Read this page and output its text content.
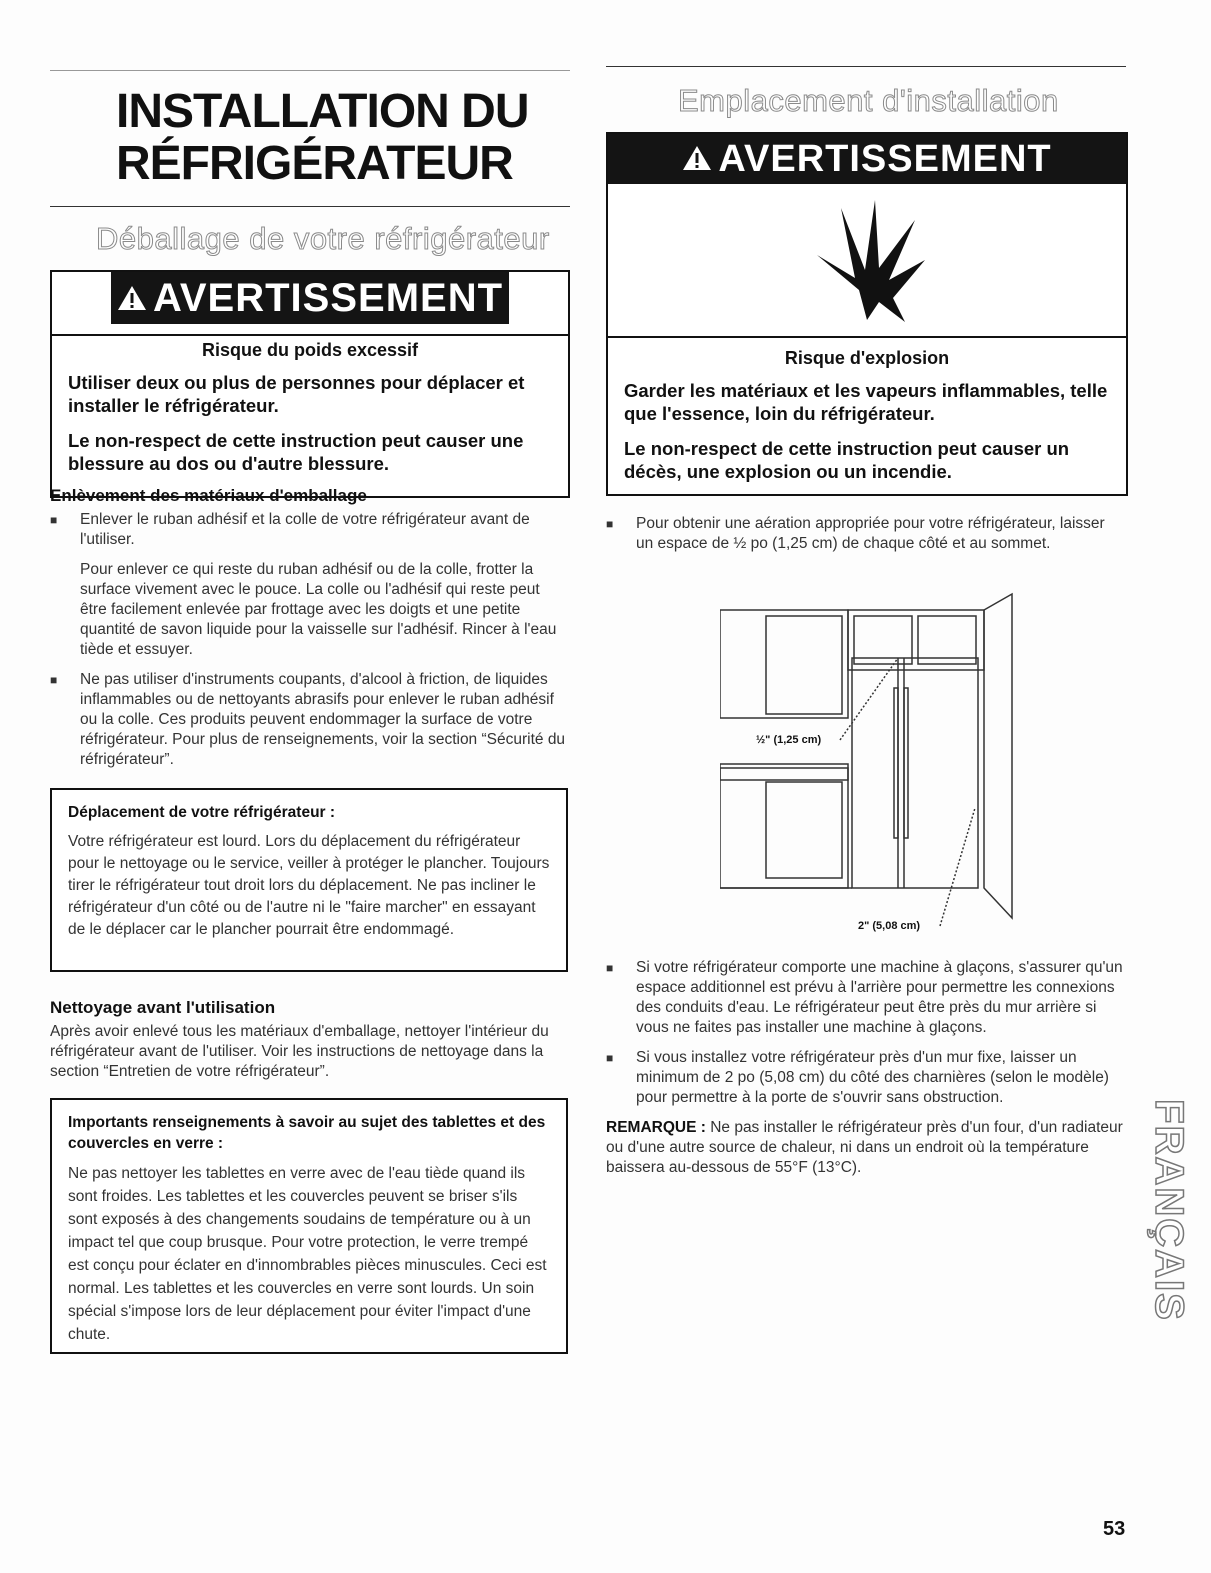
INSTALLATION DU
RÉFRIGÉRATEUR
Déballage de votre réfrigérateur
AVERTISSEMENT
Risque du poids excessif

Utiliser deux ou plus de personnes pour déplacer et installer le réfrigérateur.

Le non-respect de cette instruction peut causer une blessure au dos ou d'autre blessure.

Enlèvement des matériaux d'emballage
■	Enlever le ruban adhésif et la colle de votre réfrigérateur avant de l'utiliser.
Pour enlever ce qui reste du ruban adhésif ou de la colle, frotter la surface vivement avec le pouce. La colle ou l'adhésif qui reste peut être facilement enlevée par frottage avec les doigts et une petite quantité de savon liquide pour la vaisselle sur l'adhésif. Rincer à l'eau tiède et essuyer.
■	Ne pas utiliser d'instruments coupants, d'alcool à friction, de liquides inflammables ou de nettoyants abrasifs pour enlever le ruban adhésif ou la colle. Ces produits peuvent endommager la surface de votre réfrigérateur. Pour plus de renseignements, voir la section “Sécurité du réfrigérateur”.
Déplacement de votre réfrigérateur :
Votre réfrigérateur est lourd. Lors du déplacement du réfrigérateur pour le nettoyage ou le service, veiller à protéger le plancher. Toujours tirer le réfrigérateur tout droit lors du déplacement. Ne pas incliner le réfrigérateur d'un côté ou de l'autre ni le "faire marcher" en essayant de le déplacer car le plancher pourrait être endommagé.
Nettoyage avant l'utilisation
Après avoir enlevé tous les matériaux d'emballage, nettoyer l'intérieur du réfrigérateur avant de l'utiliser. Voir les instructions de nettoyage dans la section “Entretien de votre réfrigérateur”.
Importants renseignements à savoir au sujet des tablettes et des couvercles en verre :
Ne pas nettoyer les tablettes en verre avec de l'eau tiède quand ils sont froides. Les tablettes et les couvercles peuvent se briser s'ils sont exposés à des changements soudains de température ou à un impact tel que coup brusque. Pour votre protection, le verre trempé est conçu pour éclater en d'innombrables pièces minuscules. Ceci est normal. Les tablettes et les couvercles en verre sont lourds. Un soin spécial s'impose lors de leur déplacement pour éviter l'impact d'une chute.
Emplacement d'installation
AVERTISSEMENT
Risque d'explosion

Garder les matériaux et les vapeurs inflammables, telle que l'essence, loin du réfrigérateur.

Le non-respect de cette instruction peut causer un décès, une explosion ou un incendie.

■	Pour obtenir une aération appropriée pour votre réfrigérateur, laisser un espace de ½ po (1,25 cm) de chaque côté et au sommet.
½" (1,25 cm)
2" (5,08 cm)
■	Si votre réfrigérateur comporte une machine à glaçons, s'assurer qu'un espace additionnel est prévu à l'arrière pour permettre les connexions des conduits d'eau. Le réfrigérateur peut être près du mur arrière si vous ne faites pas installer une machine à glaçons.
■	Si vous installez votre réfrigérateur près d'un mur fixe, laisser un minimum de 2 po (5,08 cm) du côté des charnières (selon le modèle) pour permettre à la porte de s'ouvrir sans obstruction.
REMARQUE : Ne pas installer le réfrigérateur près d'un four, d'un radiateur ou d'une autre source de chaleur, ni dans un endroit où la température baissera au-dessous de 55°F (13°C).	FRANÇAIS
53
